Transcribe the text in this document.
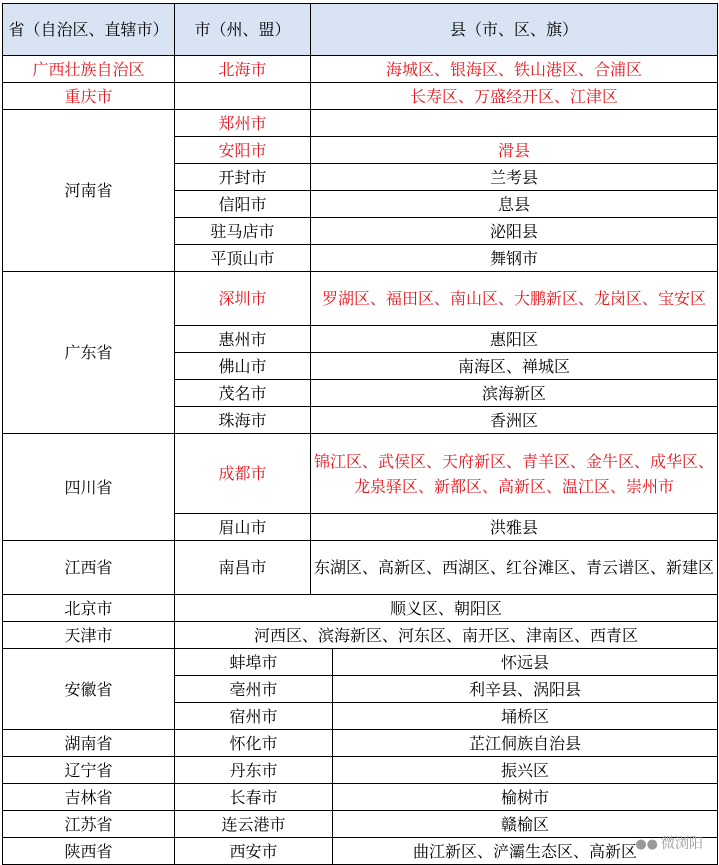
省（自治区、直辖市）	市（州、盟）	县（市、区、旗）	
广西壮族自治区	北海市	海城区、银海区、铁山港区、合浦区	
重庆市		长寿区、万盛经开区、江津区	
河南省	郑州市		
	安阳市	滑县	
	开封市	兰考县	
	信阳市	息县	
	驻马店市	泌阳县	
	平顶山市	舞钢市	
广东省	深圳市	罗湖区、福田区、南山区、大鹏新区、龙岗区、宝安区	
	惠州市	惠阳区	
	佛山市	南海区、禅城区	
	茂名市	滨海新区	
	珠海市	香洲区	
四川省	成都市	锦江区、武侯区、天府新区、青羊区、金牛区、成华区、龙泉驿区、新都区、高新区、温江区、崇州市	
	眉山市	洪雅县	
江西省	南昌市	东湖区、高新区、西湖区、红谷滩区、青云谱区、新建区	
北京市	顺义区、朝阳区		
天津市	河西区、滨海新区、河东区、南开区、津南区、西青区		
安徽省	蚌埠市		怀远县
	亳州市		利辛县、涡阳县
	宿州市		埇桥区
湖南省	怀化市		芷江侗族自治县
辽宁省	丹东市		振兴区
吉林省	长春市		榆树市
江苏省	连云港市		赣榆区
陕西省	西安市		曲江新区、浐灞生态区、高新区
●● 微浏阳
